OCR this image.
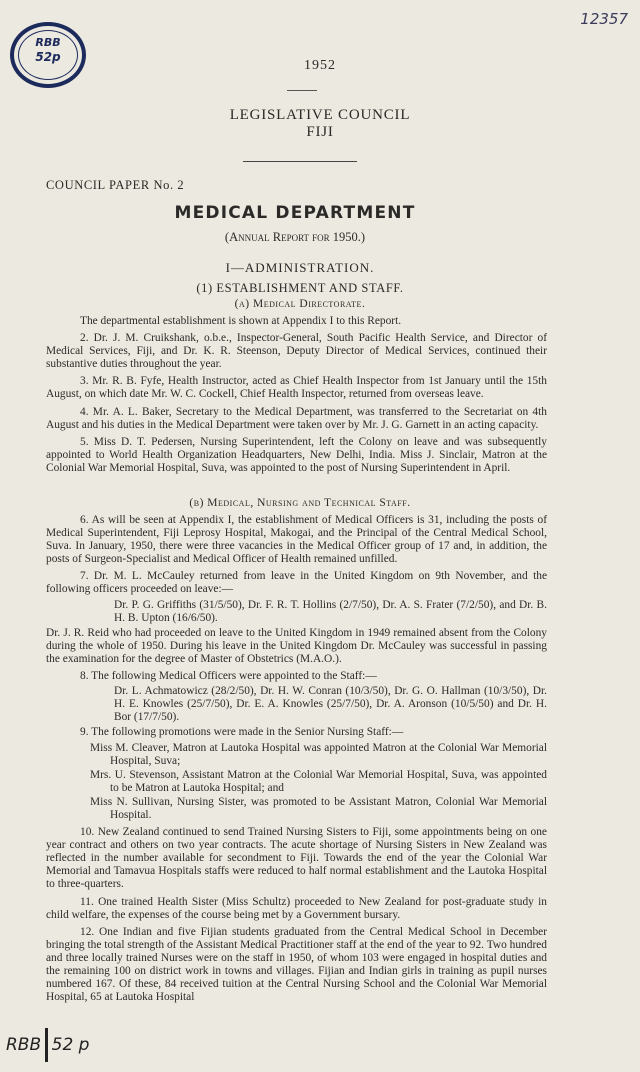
RBB
52p
12357
1952
LEGISLATIVE COUNCIL
FIJI
COUNCIL PAPER No. 2
MEDICAL DEPARTMENT
(Annual Report for 1950.)
I—ADMINISTRATION.
(1) ESTABLISHMENT AND STAFF.
(a) Medical Directorate.

The departmental establishment is shown at Appendix I to this Report.

2. Dr. J. M. Cruikshank, o.b.e., Inspector-General, South Pacific Health Service, and Director of Medical Services, Fiji, and Dr. K. R. Steenson, Deputy Director of Medical Services, continued their substantive duties throughout the year.

3. Mr. R. B. Fyfe, Health Instructor, acted as Chief Health Inspector from 1st January until the 15th August, on which date Mr. W. C. Cockell, Chief Health Inspector, returned from overseas leave.

4. Mr. A. L. Baker, Secretary to the Medical Department, was transferred to the Secretariat on 4th August and his duties in the Medical Department were taken over by Mr. J. G. Garnett in an acting capacity.

5. Miss D. T. Pedersen, Nursing Superintendent, left the Colony on leave and was subsequently appointed to World Health Organization Headquarters, New Delhi, India. Miss J. Sinclair, Matron at the Colonial War Memorial Hospital, Suva, was appointed to the post of Nursing Superintendent in April.

(b) Medical, Nursing and Technical Staff.

6. As will be seen at Appendix I, the establishment of Medical Officers is 31, including the posts of Medical Superintendent, Fiji Leprosy Hospital, Makogai, and the Principal of the Central Medical School, Suva. In January, 1950, there were three vacancies in the Medical Officer group of 17 and, in addition, the posts of Surgeon-Specialist and Medical Officer of Health remained unfilled.

7. Dr. M. L. McCauley returned from leave in the United Kingdom on 9th November, and the following officers proceeded on leave:—

Dr. P. G. Griffiths (31/5/50), Dr. F. R. T. Hollins (2/7/50), Dr. A. S. Frater (7/2/50), and Dr. B. H. B. Upton (16/6/50).

Dr. J. R. Reid who had proceeded on leave to the United Kingdom in 1949 remained absent from the Colony during the whole of 1950. During his leave in the United Kingdom Dr. McCauley was successful in passing the examination for the degree of Master of Obstetrics (M.A.O.).

8. The following Medical Officers were appointed to the Staff:—

Dr. L. Achmatowicz (28/2/50), Dr. H. W. Conran (10/3/50), Dr. G. O. Hallman (10/3/50), Dr. H. E. Knowles (25/7/50), Dr. E. A. Knowles (25/7/50), Dr. A. Aronson (10/5/50) and Dr. H. Bor (17/7/50).

9. The following promotions were made in the Senior Nursing Staff:—

Miss M. Cleaver, Matron at Lautoka Hospital was appointed Matron at the Colonial War Memorial Hospital, Suva;

Mrs. U. Stevenson, Assistant Matron at the Colonial War Memorial Hospital, Suva, was appointed to be Matron at Lautoka Hospital; and

Miss N. Sullivan, Nursing Sister, was promoted to be Assistant Matron, Colonial War Memorial Hospital.

10. New Zealand continued to send Trained Nursing Sisters to Fiji, some appointments being on one year contract and others on two year contracts. The acute shortage of Nursing Sisters in New Zealand was reflected in the number available for secondment to Fiji. Towards the end of the year the Colonial War Memorial and Tamavua Hospitals staffs were reduced to half normal establishment and the Lautoka Hospital to three-quarters.

11. One trained Health Sister (Miss Schultz) proceeded to New Zealand for post-graduate study in child welfare, the expenses of the course being met by a Government bursary.

12. One Indian and five Fijian students graduated from the Central Medical School in December bringing the total strength of the Assistant Medical Practitioner staff at the end of the year to 92. Two hundred and three locally trained Nurses were on the staff in 1950, of whom 103 were engaged in hospital duties and the remaining 100 on district work in towns and villages. Fijian and Indian girls in training as pupil nurses numbered 167. Of these, 84 received tuition at the Central Nursing School and the Colonial War Memorial Hospital, 65 at Lautoka Hospital

RBB 52 p
